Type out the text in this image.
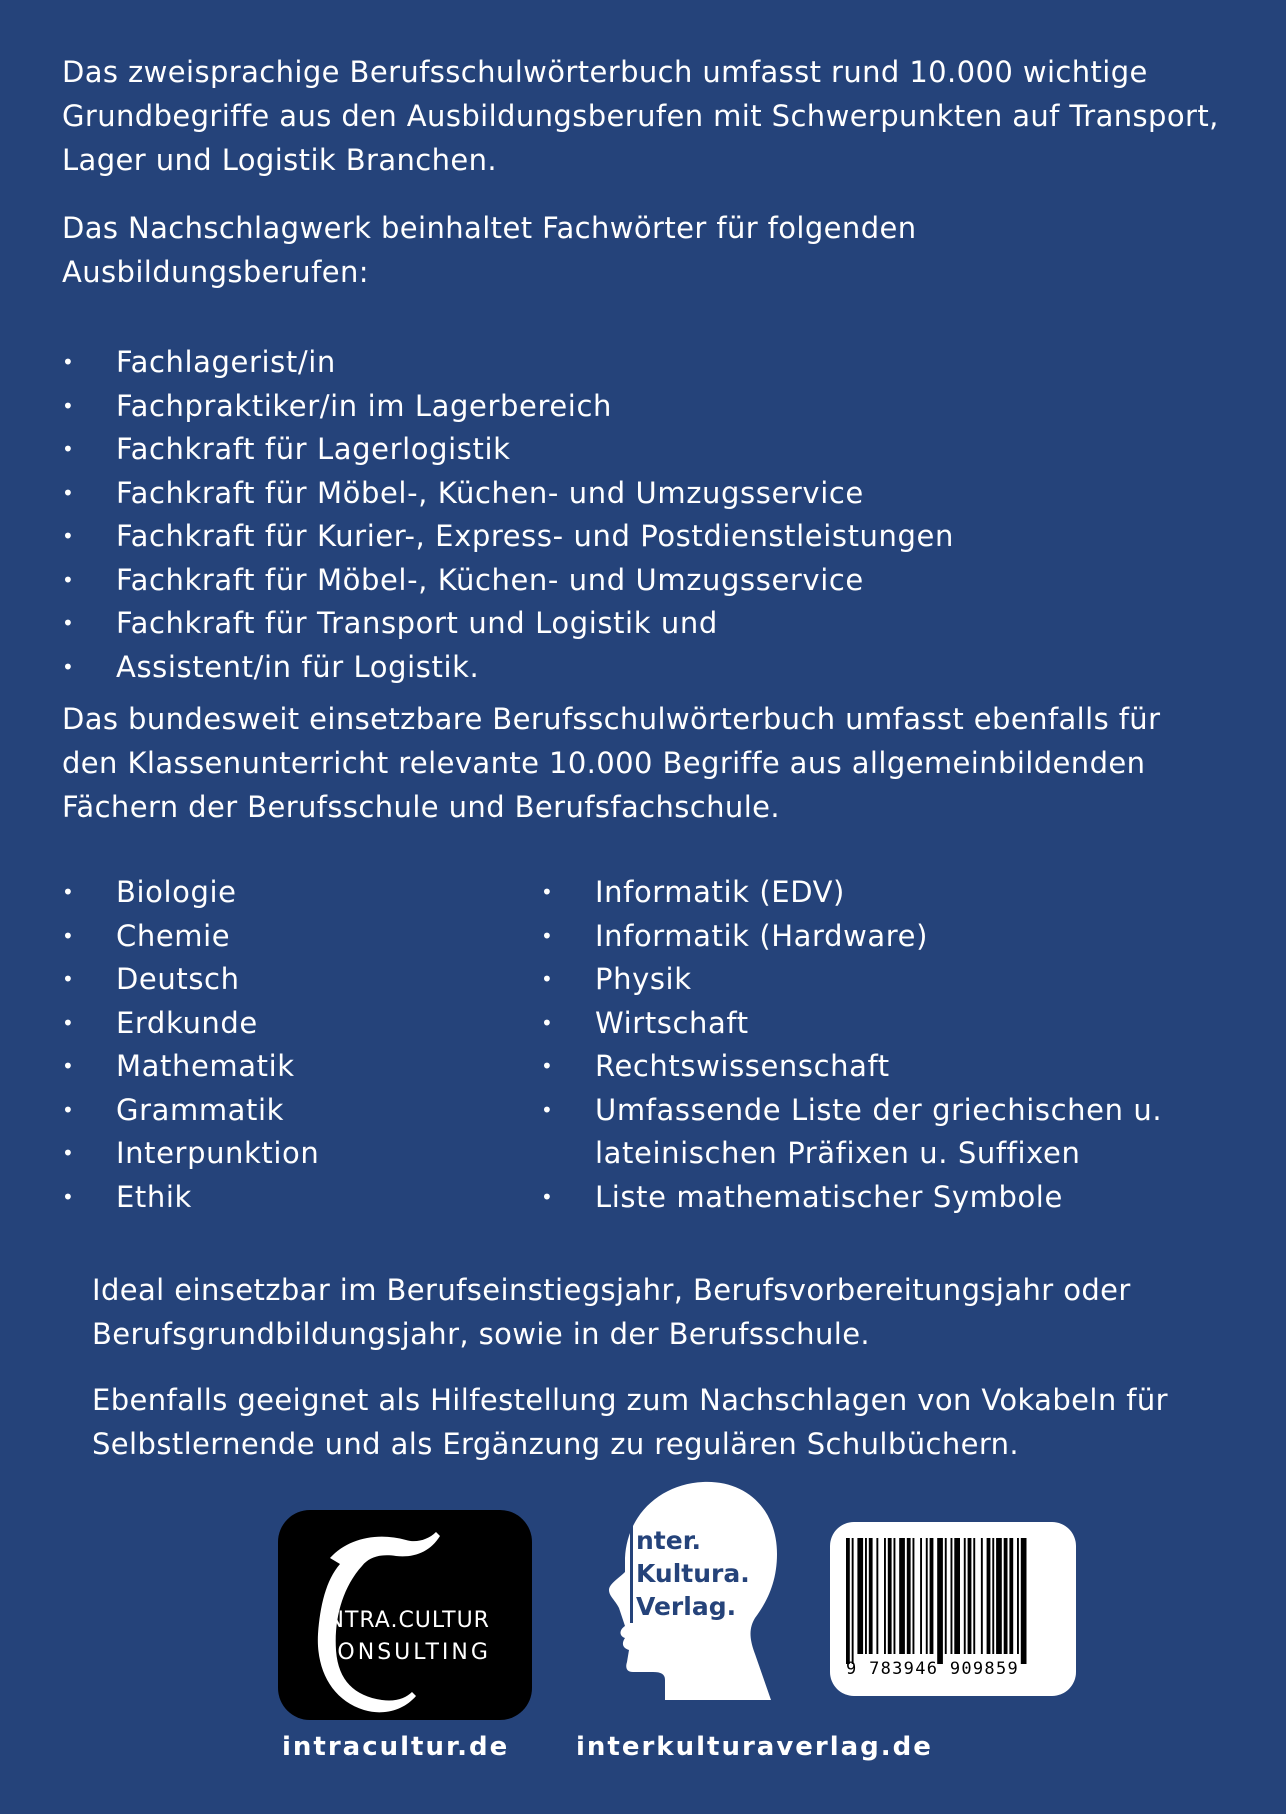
Das zweisprachige Berufsschulwörterbuch umfasst rund 10.000 wichtige Grundbegriffe aus den Ausbildungsberufen mit Schwerpunkten auf Transport, Lager und Logistik Branchen.

Das Nachschlagwerk beinhaltet Fachwörter für folgenden Ausbildungsberufen:

• Fachlagerist/in
• Fachpraktiker/in im Lagerbereich
• Fachkraft für Lagerlogistik
• Fachkraft für Möbel-, Küchen- und Umzugsservice
• Fachkraft für Kurier-, Express- und Postdienstleistungen
• Fachkraft für Möbel-, Küchen- und Umzugsservice
• Fachkraft für Transport und Logistik und
• Assistent/in für Logistik.

Das bundesweit einsetzbare Berufsschulwörterbuch umfasst ebenfalls für den Klassenunterricht relevante 10.000 Begriffe aus allgemeinbildenden Fächern der Berufsschule und Berufsfachschule.

• Biologie
• Chemie
• Deutsch
• Erdkunde
• Mathematik
• Grammatik
• Interpunktion
• Ethik
• Informatik (EDV)
• Informatik (Hardware)
• Physik
• Wirtschaft
• Rechtswissenschaft
• Umfassende Liste der griechischen u. lateinischen Präfixen u. Suffixen
• Liste mathematischer Symbole

Ideal einsetzbar im Berufseinstiegsjahr, Berufsvorbereitungsjahr oder Berufsgrundbildungsjahr, sowie in der Berufsschule.

Ebenfalls geeignet als Hilfestellung zum Nachschlagen von Vokabeln für Selbstlernende und als Ergänzung zu regulären Schulbüchern.

INTRA.CULTUR
CONSULTING
nter.
Kultura.
Verlag.
9 783946 909859
intracultur.de	interkulturaverlag.de
